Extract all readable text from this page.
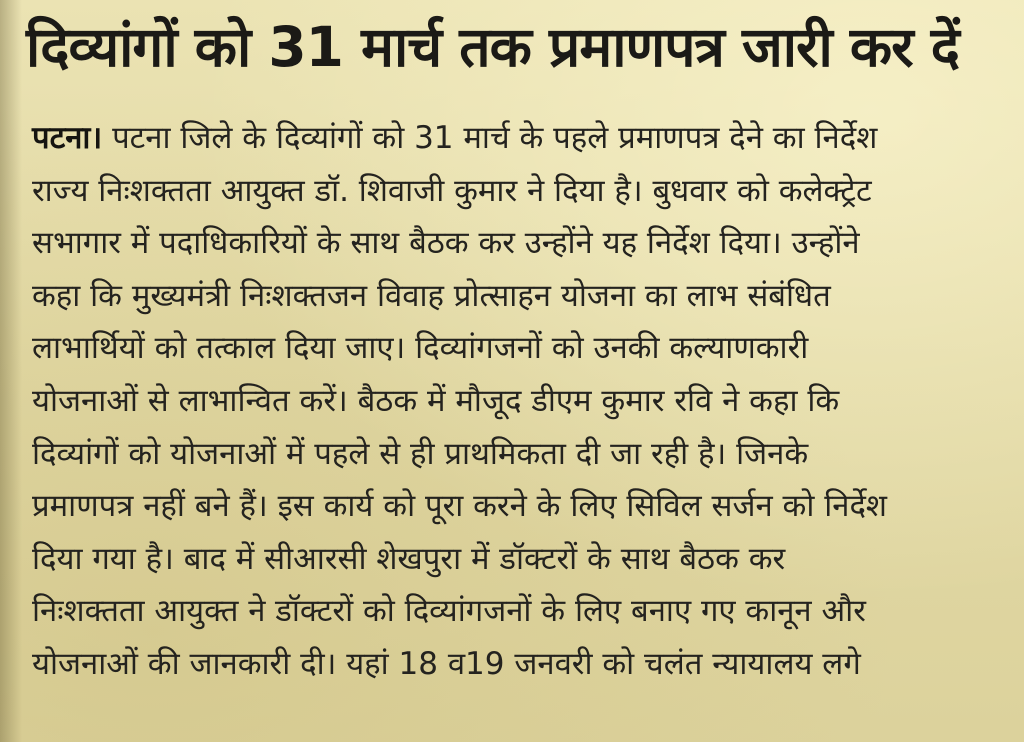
दिव्यांगों को 31 मार्च तक प्रमाणपत्र जारी कर दें
पटना। पटना जिले के दिव्यांगों को 31 मार्च के पहले प्रमाणपत्र देने का निर्देश
राज्य निःशक्तता आयुक्त डॉ. शिवाजी कुमार ने दिया है। बुधवार को कलेक्ट्रेट
सभागार में पदाधिकारियों के साथ बैठक कर उन्होंने यह निर्देश दिया। उन्होंने
कहा कि मुख्यमंत्री निःशक्तजन विवाह प्रोत्साहन योजना का लाभ संबंधित
लाभार्थियों को तत्काल दिया जाए। दिव्यांगजनों को उनकी कल्याणकारी
योजनाओं से लाभान्वित करें। बैठक में मौजूद डीएम कुमार रवि ने कहा कि
दिव्यांगों को योजनाओं में पहले से ही प्राथमिकता दी जा रही है। जिनके
प्रमाणपत्र नहीं बने हैं। इस कार्य को पूरा करने के लिए सिविल सर्जन को निर्देश
दिया गया है। बाद में सीआरसी शेखपुरा में डॉक्टरों के साथ बैठक कर
निःशक्तता आयुक्त ने डॉक्टरों को दिव्यांगजनों के लिए बनाए गए कानून और
योजनाओं की जानकारी दी। यहां 18 व19 जनवरी को चलंत न्यायालय लगे
